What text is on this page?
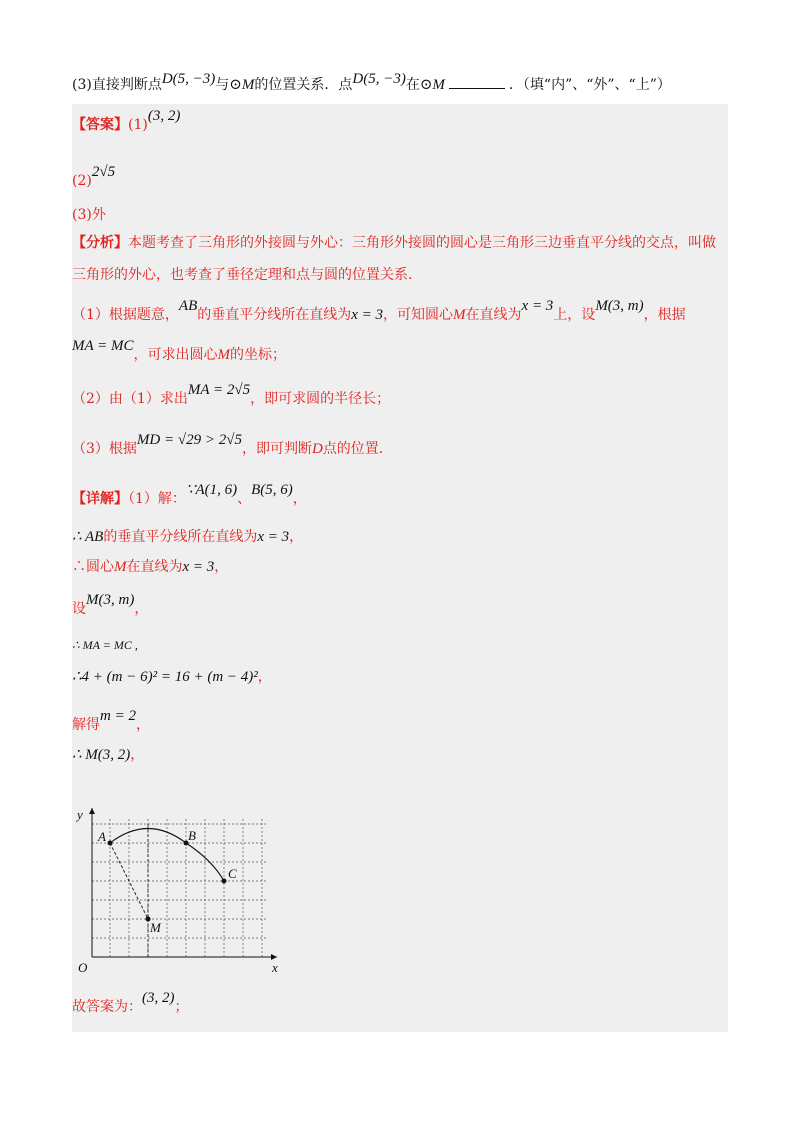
(3)直接判断点D(5, −3)与⊙M的位置关系．点D(5, −3)在⊙M	．（填“内”、“外”、“上”）
【答案】(1)(3, 2)
(2)2√5
(3)外
【分析】本题考查了三角形的外接圆与外心：三角形外接圆的圆心是三角形三边垂直平分线的交点，叫做
三角形的外心，也考查了垂径定理和点与圆的位置关系．
（1）根据题意，AB的垂直平分线所在直线为x = 3，可知圆心M在直线为x = 3上，设M(3, m)，根据
MA = MC，可求出圆心M的坐标；
（2）由（1）求出MA = 2√5，即可求圆的半径长；
（3）根据MD = √29 > 2√5，即可判断D点的位置．
【详解】（1）解：∵A(1, 6)、B(5, 6)，
∴ AB的垂直平分线所在直线为x = 3，
∴圆心M在直线为x = 3，
设M(3, m)，
∴ MA = MC ,
∴4 + (m − 6)² = 16 + (m − 4)²，
解得m = 2，
∴ M(3, 2)，
y
x
O
A	B
C
M
故答案为：(3, 2)；
